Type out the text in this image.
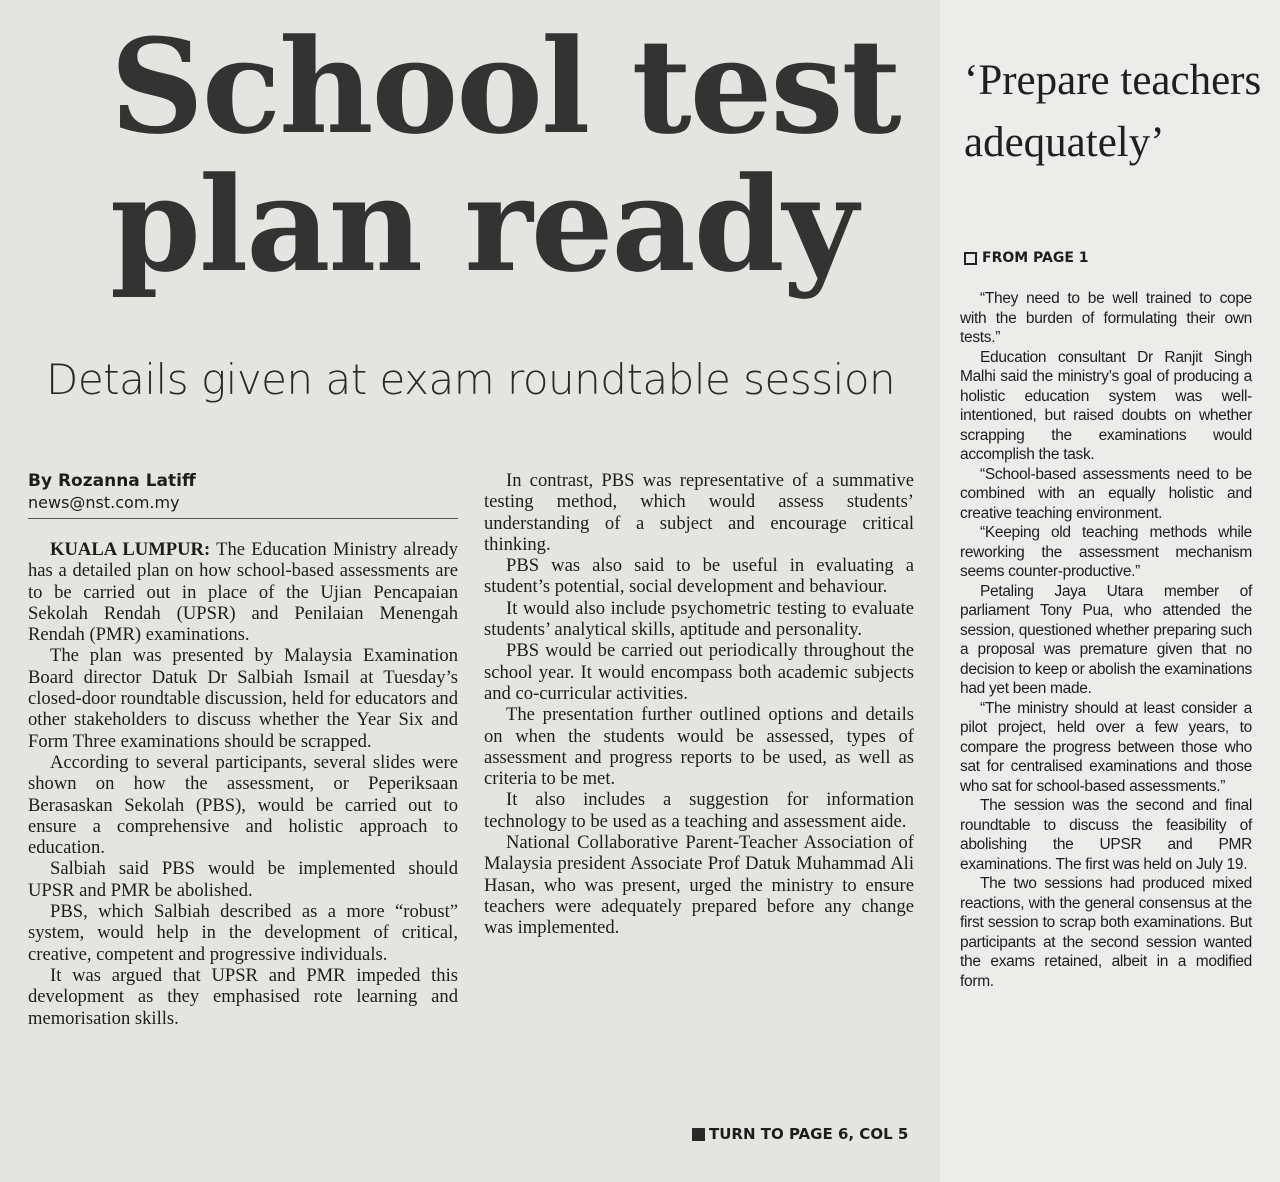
School test plan ready
Details given at exam roundtable session
By Rozanna Latiff
news@nst.com.my

KUALA LUMPUR: The Education Ministry already has a detailed plan on how school-based assessments are to be carried out in place of the Ujian Pencapaian Sekolah Rendah (UPSR) and Penilaian Menengah Rendah (PMR) examinations.

The plan was presented by Malaysia Examination Board director Datuk Dr Salbiah Ismail at Tuesday’s closed-door roundtable discussion, held for educators and other stakeholders to discuss whether the Year Six and Form Three examinations should be scrapped.

According to several participants, several slides were shown on how the assessment, or Peperiksaan Berasaskan Sekolah (PBS), would be carried out to ensure a comprehensive and holistic approach to education.

Salbiah said PBS would be implemented should UPSR and PMR be abolished.

PBS, which Salbiah described as a more “robust” system, would help in the development of critical, creative, competent and progressive individuals.

It was argued that UPSR and PMR impeded this development as they emphasised rote learning and memorisation skills.

In contrast, PBS was representative of a summative testing method, which would assess students’ understanding of a subject and encourage critical thinking.

PBS was also said to be useful in evaluating a student’s potential, social development and behaviour.

It would also include psychometric testing to evaluate students’ analytical skills, aptitude and personality.

PBS would be carried out periodically throughout the school year. It would encompass both academic subjects and co-curricular activities.

The presentation further outlined options and details on when the students would be assessed, types of assessment and progress reports to be used, as well as criteria to be met.

It also includes a suggestion for information technology to be used as a teaching and assessment aide.

National Collaborative Parent-Teacher Association of Malaysia president Associate Prof Datuk Muhammad Ali Hasan, who was present, urged the ministry to ensure teachers were adequately prepared before any change was implemented.

TURN TO PAGE 6, COL 5
‘Prepare teachers adequately’
FROM PAGE 1

“They need to be well trained to cope with the burden of formulating their own tests.”

Education consultant Dr Ranjit Singh Malhi said the ministry’s goal of producing a holistic education system was well-intentioned, but raised doubts on whether scrapping the examinations would accomplish the task.

“School-based assessments need to be combined with an equally holistic and creative teaching environment.

“Keeping old teaching methods while reworking the assessment mechanism seems counter-productive.”

Petaling Jaya Utara member of parliament Tony Pua, who attended the session, questioned whether preparing such a proposal was premature given that no decision to keep or abolish the examinations had yet been made.

“The ministry should at least consider a pilot project, held over a few years, to compare the progress between those who sat for centralised examinations and those who sat for school-based assessments.”

The session was the second and final roundtable to discuss the feasibility of abolishing the UPSR and PMR examinations. The first was held on July 19.

The two sessions had produced mixed reactions, with the general consensus at the first session to scrap both examinations. But participants at the second session wanted the exams retained, albeit in a modified form.
